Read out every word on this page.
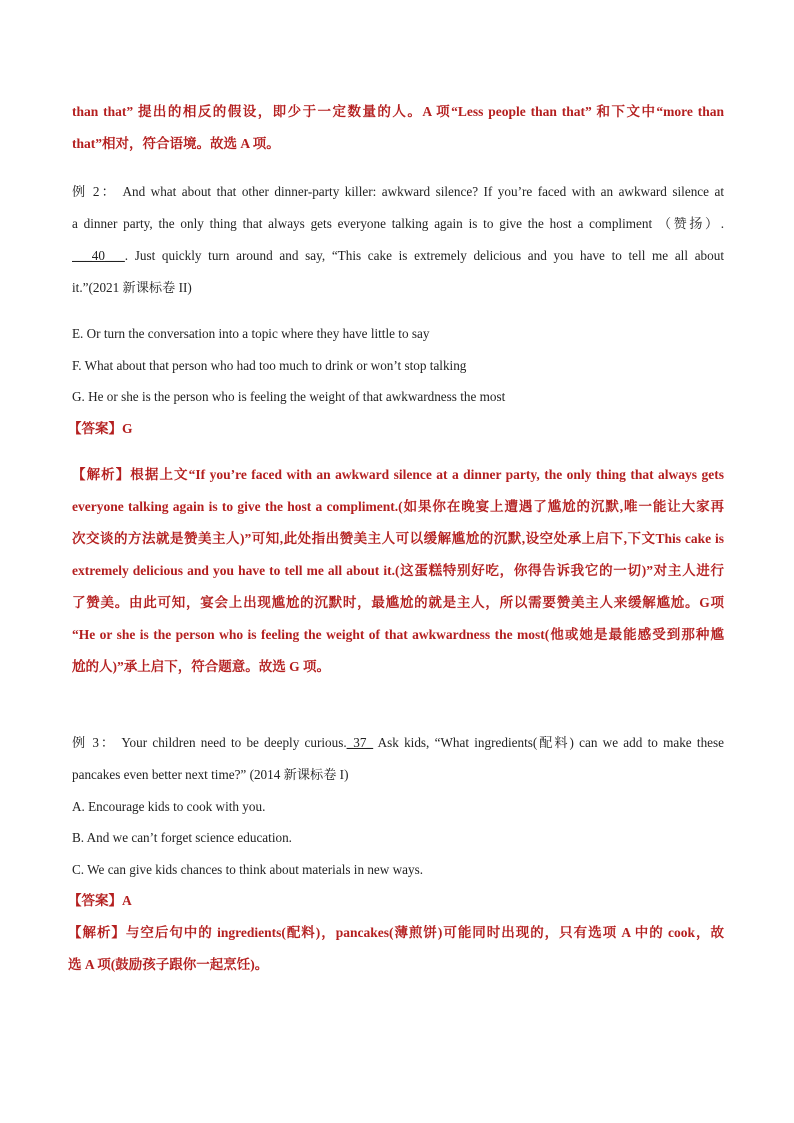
than that” 提出的相反的假设，即少于一定数量的人。A 项“Less people than that” 和下文中“more than
that”相对，符合语境。故选 A 项。
例 2： And what about that other dinner-party killer: awkward silence? If you’re faced with an awkward silence at
a dinner party, the only thing that always gets everyone talking again is to give the host a compliment （赞扬）.
___40___. Just quickly turn around and say, “This cake is extremely delicious and you have to tell me all about
it.”(2021 新课标卷 II)
E. Or turn the conversation into a topic where they have little to say
F. What about that person who had too much to drink or won’t stop talking
G. He or she is the person who is feeling the weight of that awkwardness the most
【答案】G
【解析】根据上文“If you’re faced with an awkward silence at a dinner party, the only thing that always gets
everyone talking again is to give the host a compliment.(如果你在晚宴上遭遇了尴尬的沉默,唯一能让大家再
次交谈的方法就是赞美主人)”可知,此处指出赞美主人可以缓解尴尬的沉默,设空处承上启下,下文This cake is
extremely delicious and you have to tell me all about it.(这蛋糕特别好吃，你得告诉我它的一切)”对主人进行
了赞美。由此可知，宴会上出现尴尬的沉默时，最尴尬的就是主人，所以需要赞美主人来缓解尴尬。G项
“He or she is the person who is feeling the weight of that awkwardness the most(他或她是最能感受到那种尴
尬的人)”承上启下，符合题意。故选 G 项。
例 3： Your children need to be deeply curious._37_ Ask kids, “What ingredients(配料) can we add to make these
pancakes even better next time?” (2014 新课标卷 I)
A. Encourage kids to cook with you.
B. And we can’t forget science education.
C. We can give kids chances to think about materials in new ways.
【答案】A
【解析】与空后句中的 ingredients(配料)，pancakes(薄煎饼)可能同时出现的，只有选项 A 中的 cook，故
选 A 项(鼓励孩子跟你一起烹饪)。
